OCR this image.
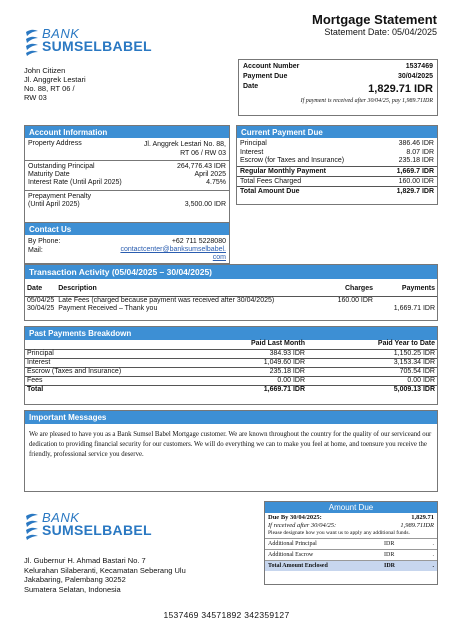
BANK
SUMSELBABEL
Mortgage Statement
Statement Date: 05/04/2025
John Citizen
Jl. Anggrek Lestari
No. 88, RT 06 /
RW 03
Account Number	1537469
Payment Due	30/04/2025
Date	1,829.71 IDR
If payment is received after 30/04/25, pay 1,989.71IDR
Account Information
Property Address	Jl. Anggrek Lestari No. 88,
RT 06 / RW 03
Outstanding Principal	264,776.43 IDR
Maturity Date	April 2025
Interest Rate (Until April 2025)	4.75%
Prepayment Penalty
(Until April 2025)	3,500.00 IDR
Contact Us
By Phone:	+62 711 5228080
Mail:	contactcenter@banksumselbabel.
com
Current Payment Due
Principal	386.46 IDR
Interest	8.07 IDR
Escrow (for Taxes and Insurance)	235.18 IDR
Regular Monthly Payment	1,669.7 IDR
Total Fees Charged	160.00 IDR
Total Amount Due	1,829.7 IDR
Transaction Activity (05/04/2025 – 30/04/2025)
Date	Description	Charges	Payments
05/04/25	Late Fees (charged because payment was received after 30/04/2025)	160.00 IDR	
30/04/25	Payment Received – Thank you		1,669.71 IDR
Past Payments Breakdown
	Paid Last Month	Paid Year to Date
Principal	384.93 IDR	1,150.25 IDR
Interest	1,049.60 IDR	3,153.34 IDR
Escrow (Taxes and Insurance)	235.18 IDR	705.54 IDR
Fees	0.00 IDR	0.00 IDR
Total	1,669.71 IDR	5,009.13 IDR
Important Messages
We are pleased to have you as a Bank Sumsel Babel Mortgage customer. We are known throughout the country for the quality of our serviceand our dedication to providing financial security for our customers. We will do everything we can to make you feel at home, and toensure you receive the friendly, professional service you deserve.
BANK
SUMSELBABEL
Jl. Gubernur H. Ahmad Bastari No. 7
Kelurahan Silaberanti, Kecamatan Seberang Ulu
Jakabaring, Palembang 30252
Sumatera Selatan, Indonesia
Amount Due
Due By 30/04/2025:	1,829.71
If received after 30/04/25:	1,989.71IDR
Please designate how you want us to apply any additional funds.
Additional Principal	IDR	.
Additional Escrow	IDR	.
Total Amount Enclosed	IDR	.
1537469 34571892 342359127
